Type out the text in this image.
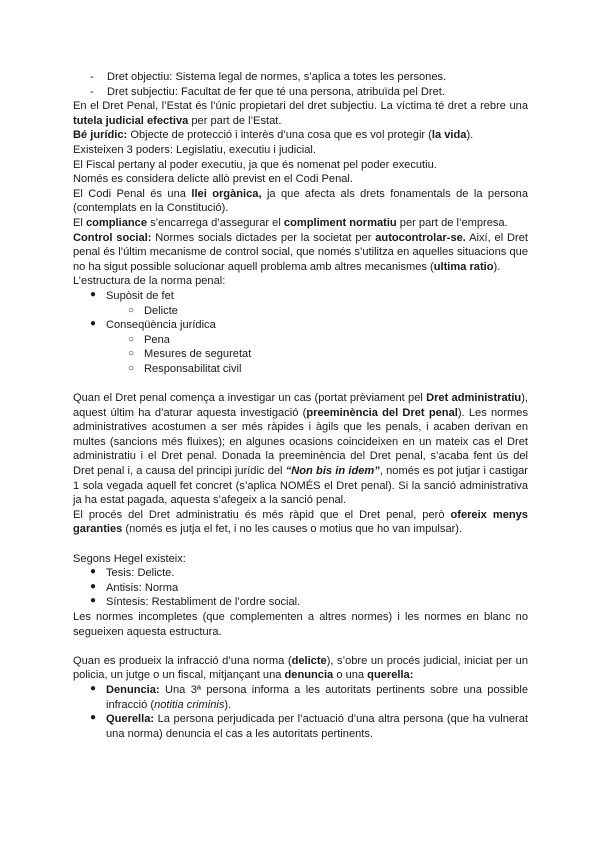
- Dret objectiu: Sistema legal de normes, s’aplica a totes les persones.

- Dret subjectiu: Facultat de fer que té una persona, atribuïda pel Dret.

En el Dret Penal, l’Estat és l’únic propietari del dret subjectiu. La víctima té dret a rebre una tutela judicial efectiva per part de l’Estat.

Bé jurídic: Objecte de protecció i interès d’una cosa que es vol protegir (la vida).

Existeixen 3 poders: Legislatiu, executiu i judicial.

El Fiscal pertany al poder executiu, ja que és nomenat pel poder executiu.

Només es considera delicte allò previst en el Codi Penal.

El Codi Penal és una llei orgànica, ja que afecta als drets fonamentals de la persona (contemplats en la Constitució).

El compliance s’encarrega d’assegurar el compliment normatiu per part de l’empresa.

Control social: Normes socials dictades per la societat per autocontrolar-se. Així, el Dret penal és l’últim mecanisme de control social, que només s’utilitza en aquelles situacions que no ha sigut possible solucionar aquell problema amb altres mecanismes (ultima ratio).

L’estructura de la norma penal:

● Supòsit de fet

○ Delicte

● Conseqüència jurídica

○ Pena

○ Mesures de seguretat

○ Responsabilitat civil

Quan el Dret penal comença a investigar un cas (portat prèviament pel Dret administratiu), aquest últim ha d’aturar aquesta investigació (preeminència del Dret penal). Les normes administratives acostumen a ser més ràpides i àgils que les penals, i acaben derivan en multes (sancions més fluixes); en algunes ocasions coincideixen en un mateix cas el Dret administratiu i el Dret penal. Donada la preeminència del Dret penal, s’acaba fent ús del Dret penal i, a causa del principi jurídic del “Non bis in idem”, només es pot jutjar i castigar 1 sola vegada aquell fet concret (s’aplica NOMÉS el Dret penal). Si la sanció administrativa ja ha estat pagada, aquesta s’afegeix a la sanció penal.

El procés del Dret administratiu és més ràpid que el Dret penal, però ofereix menys garanties (només es jutja el fet, i no les causes o motius que ho van impulsar).

Segons Hegel existeix:

● Tesis: Delicte.

● Antisis: Norma

● Síntesis: Restabliment de l’ordre social.

Les normes incompletes (que complementen a altres normes) i les normes en blanc no segueixen aquesta estructura.

Quan es produeix la infracció d’una norma (delicte), s’obre un procés judicial, iniciat per un policia, un jutge o un fiscal, mitjançant una denuncia o una querella:

● Denuncia: Una 3ª persona informa a les autoritats pertinents sobre una possible infracció (notitia criminis).

● Querella: La persona perjudicada per l’actuació d’una altra persona (que ha vulnerat una norma) denuncia el cas a les autoritats pertinents.
